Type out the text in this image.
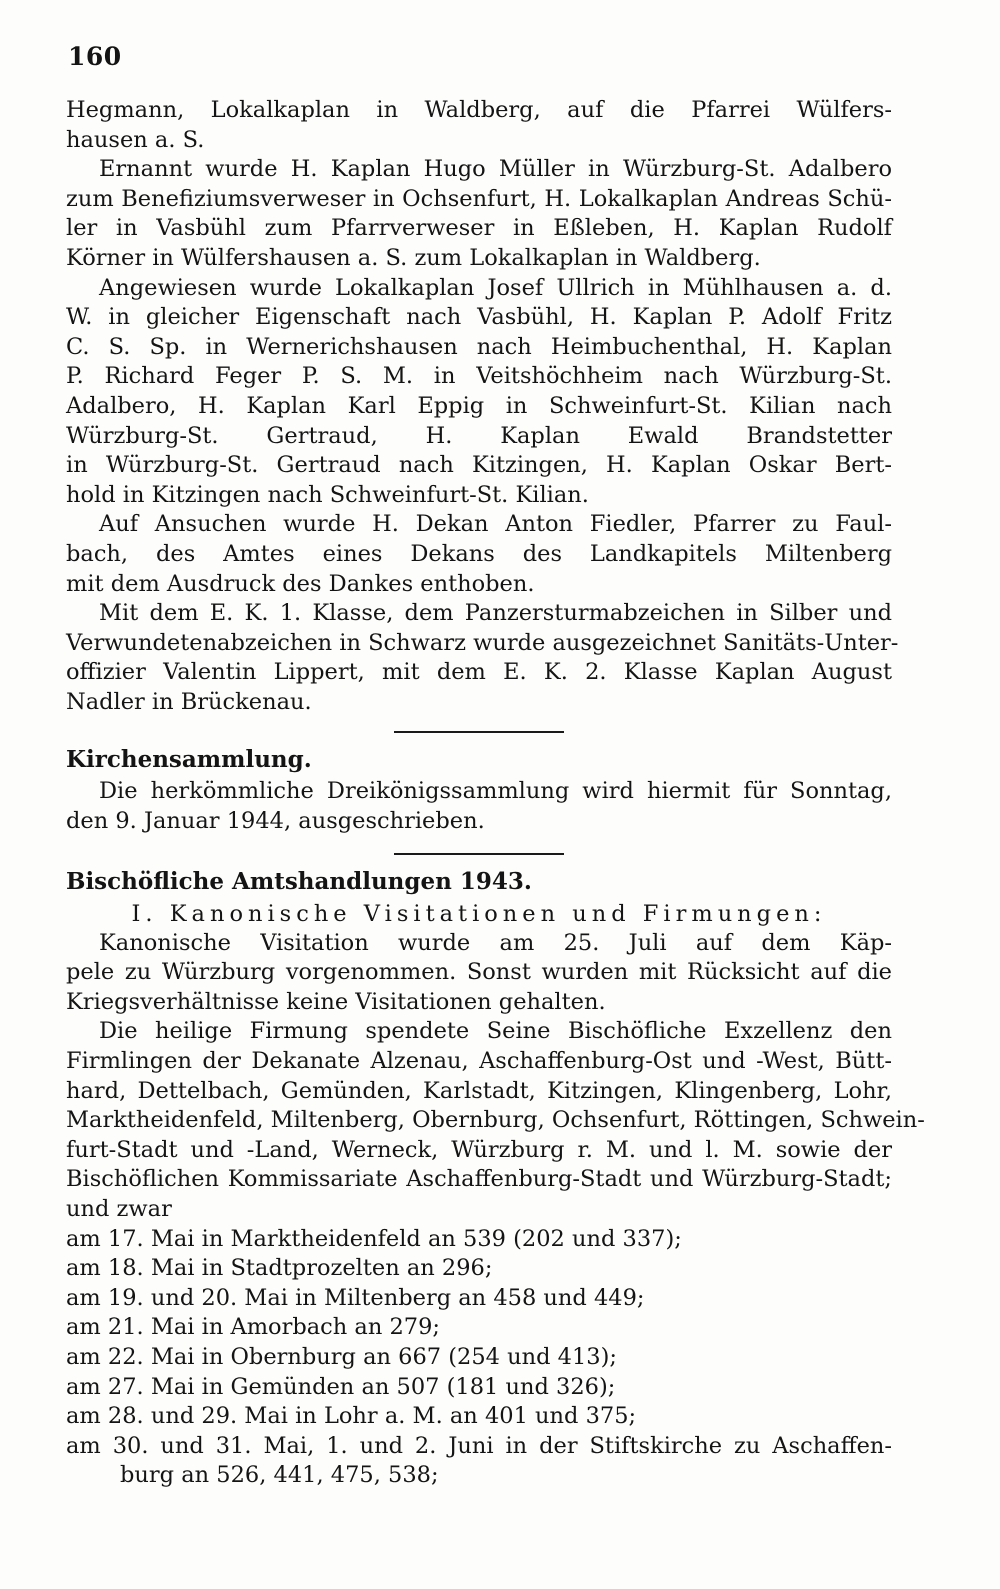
160
Hegmann, Lokalkaplan in Waldberg, auf die Pfarrei Wülfers-
hausen a. S.
Ernannt wurde H. Kaplan Hugo Müller in Würzburg-St. Adalbero
zum Benefiziumsverweser in Ochsenfurt, H. Lokalkaplan Andreas Schü-
ler in Vasbühl zum Pfarrverweser in Eßleben, H. Kaplan Rudolf
Körner in Wülfershausen a. S. zum Lokalkaplan in Waldberg.
Angewiesen wurde Lokalkaplan Josef Ullrich in Mühlhausen a. d.
W. in gleicher Eigenschaft nach Vasbühl, H. Kaplan P. Adolf Fritz
C. S. Sp. in Wernerichshausen nach Heimbuchenthal, H. Kaplan
P. Richard Feger P. S. M. in Veitshöchheim nach Würzburg-St.
Adalbero, H. Kaplan Karl Eppig in Schweinfurt-St. Kilian nach
Würzburg-St. Gertraud, H. Kaplan Ewald Brandstetter
in Würzburg-St. Gertraud nach Kitzingen, H. Kaplan Oskar Bert-
hold in Kitzingen nach Schweinfurt-St. Kilian.
Auf Ansuchen wurde H. Dekan Anton Fiedler, Pfarrer zu Faul-
bach, des Amtes eines Dekans des Landkapitels Miltenberg
mit dem Ausdruck des Dankes enthoben.
Mit dem E. K. 1. Klasse, dem Panzersturmabzeichen in Silber und
Verwundetenabzeichen in Schwarz wurde ausgezeichnet Sanitäts-Unter-
offizier Valentin Lippert, mit dem E. K. 2. Klasse Kaplan August
Nadler in Brückenau.
Kirchensammlung.
Die herkömmliche Dreikönigssammlung wird hiermit für Sonntag,
den 9. Januar 1944, ausgeschrieben.
Bischöfliche Amtshandlungen 1943.
I. Kanonische Visitationen und Firmungen:
Kanonische Visitation wurde am 25. Juli auf dem Käp-
pele zu Würzburg vorgenommen. Sonst wurden mit Rücksicht auf die
Kriegsverhältnisse keine Visitationen gehalten.
Die heilige Firmung spendete Seine Bischöfliche Exzellenz den
Firmlingen der Dekanate Alzenau, Aschaffenburg-Ost und -West, Bütt-
hard, Dettelbach, Gemünden, Karlstadt, Kitzingen, Klingenberg, Lohr,
Marktheidenfeld, Miltenberg, Obernburg, Ochsenfurt, Röttingen, Schwein-
furt-Stadt und -Land, Werneck, Würzburg r. M. und l. M. sowie der
Bischöflichen Kommissariate Aschaffenburg-Stadt und Würzburg-Stadt;
und zwar
am 17. Mai in Marktheidenfeld an 539 (202 und 337);
am 18. Mai in Stadtprozelten an 296;
am 19. und 20. Mai in Miltenberg an 458 und 449;
am 21. Mai in Amorbach an 279;
am 22. Mai in Obernburg an 667 (254 und 413);
am 27. Mai in Gemünden an 507 (181 und 326);
am 28. und 29. Mai in Lohr a. M. an 401 und 375;
am 30. und 31. Mai, 1. und 2. Juni in der Stiftskirche zu Aschaffen-
burg an 526, 441, 475, 538;
